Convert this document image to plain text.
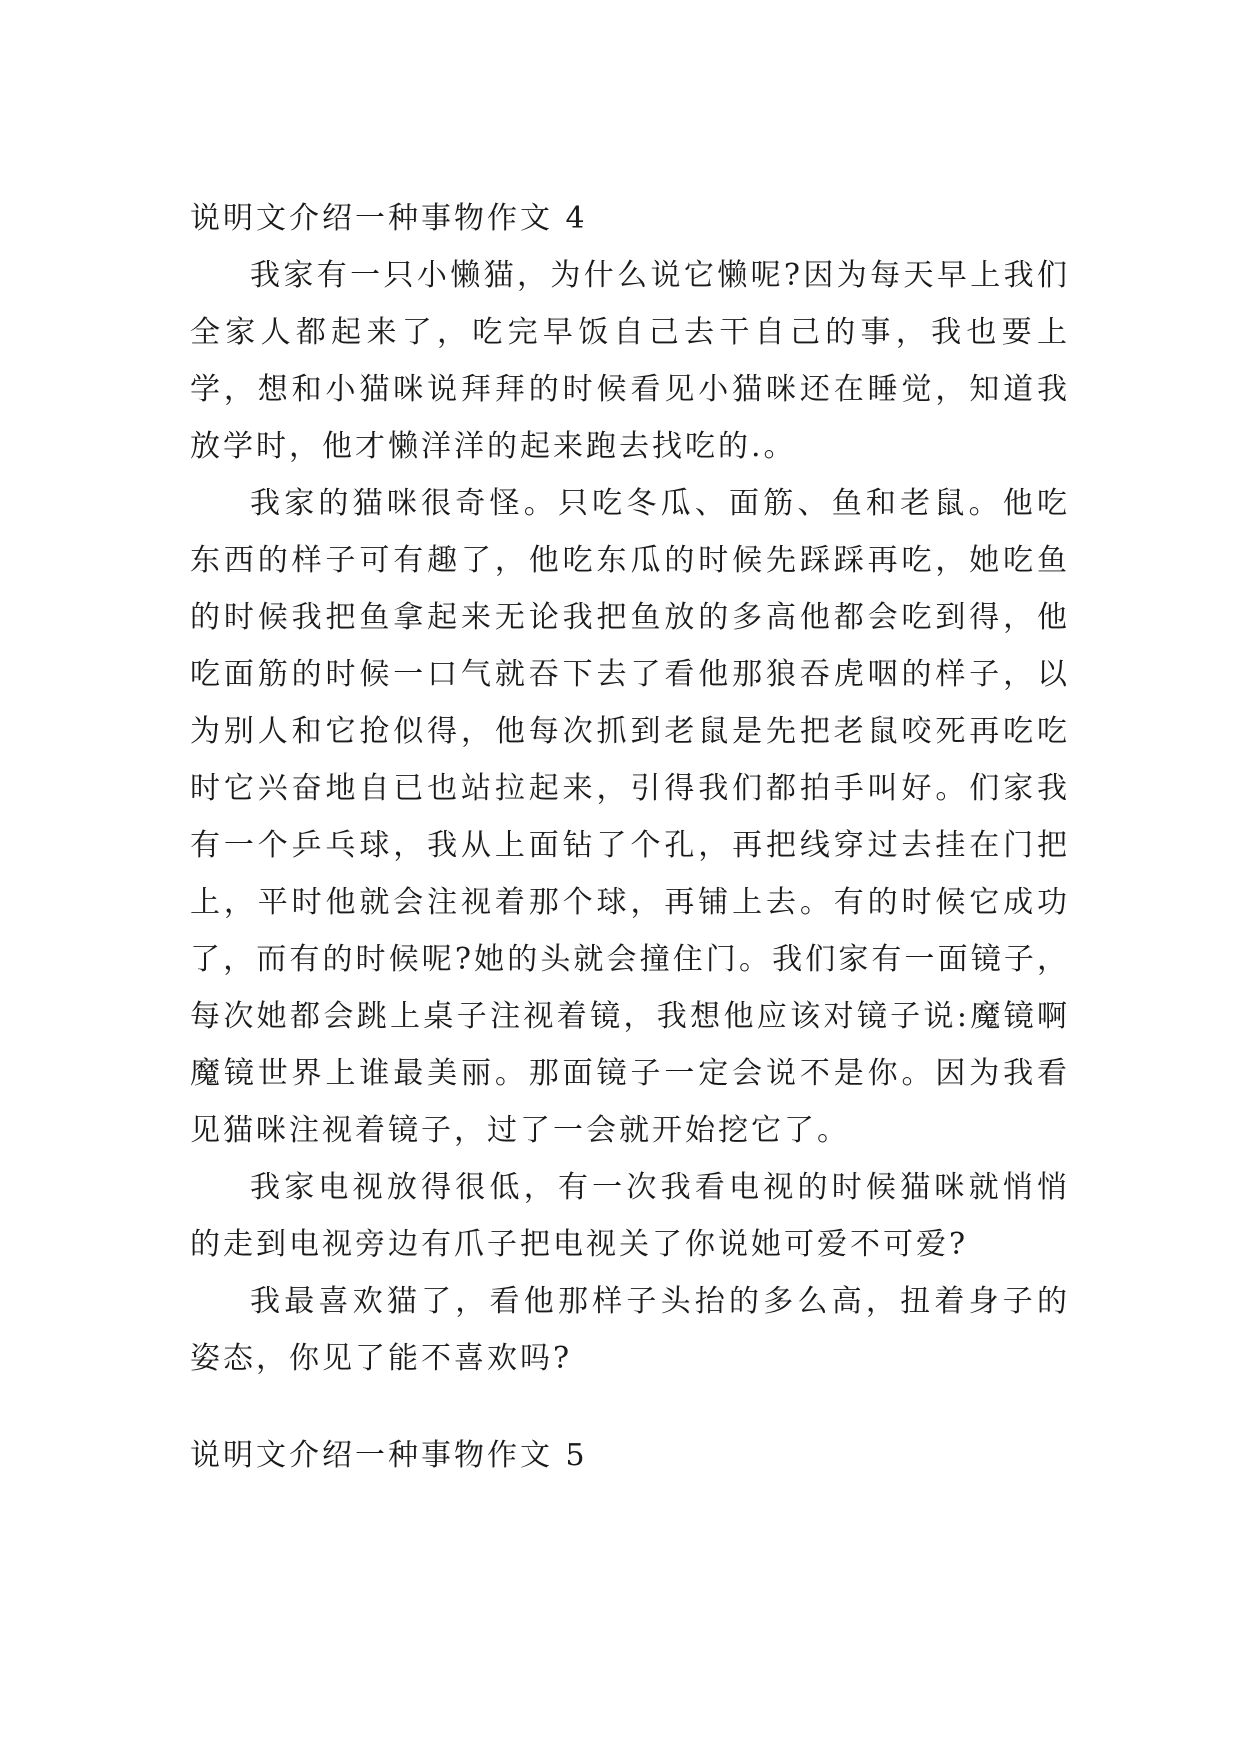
说明文介绍一种事物作文 4

我家有一只小懒猫，为什么说它懒呢?因为每天早上我们全家人都起来了，吃完早饭自己去干自己的事，我也要上学，想和小猫咪说拜拜的时候看见小猫咪还在睡觉，知道我放学时，他才懒洋洋的起来跑去找吃的.。

我家的猫咪很奇怪。只吃冬瓜、面筋、鱼和老鼠。他吃东西的样子可有趣了，他吃东瓜的时候先踩踩再吃，她吃鱼的时候我把鱼拿起来无论我把鱼放的多高他都会吃到得，他吃面筋的时候一口气就吞下去了看他那狼吞虎咽的样子，以为别人和它抢似得，他每次抓到老鼠是先把老鼠咬死再吃吃时它兴奋地自已也站拉起来，引得我们都拍手叫好。们家我有一个乒乓球，我从上面钻了个孔，再把线穿过去挂在门把上，平时他就会注视着那个球，再铺上去。有的时候它成功了，而有的时候呢?她的头就会撞住门。我们家有一面镜子，每次她都会跳上桌子注视着镜，我想他应该对镜子说:魔镜啊魔镜世界上谁最美丽。那面镜子一定会说不是你。因为我看见猫咪注视着镜子，过了一会就开始挖它了。

我家电视放得很低，有一次我看电视的时候猫咪就悄悄的走到电视旁边有爪子把电视关了你说她可爱不可爱?

我最喜欢猫了，看他那样子头抬的多么高，扭着身子的姿态，你见了能不喜欢吗?

说明文介绍一种事物作文 5
